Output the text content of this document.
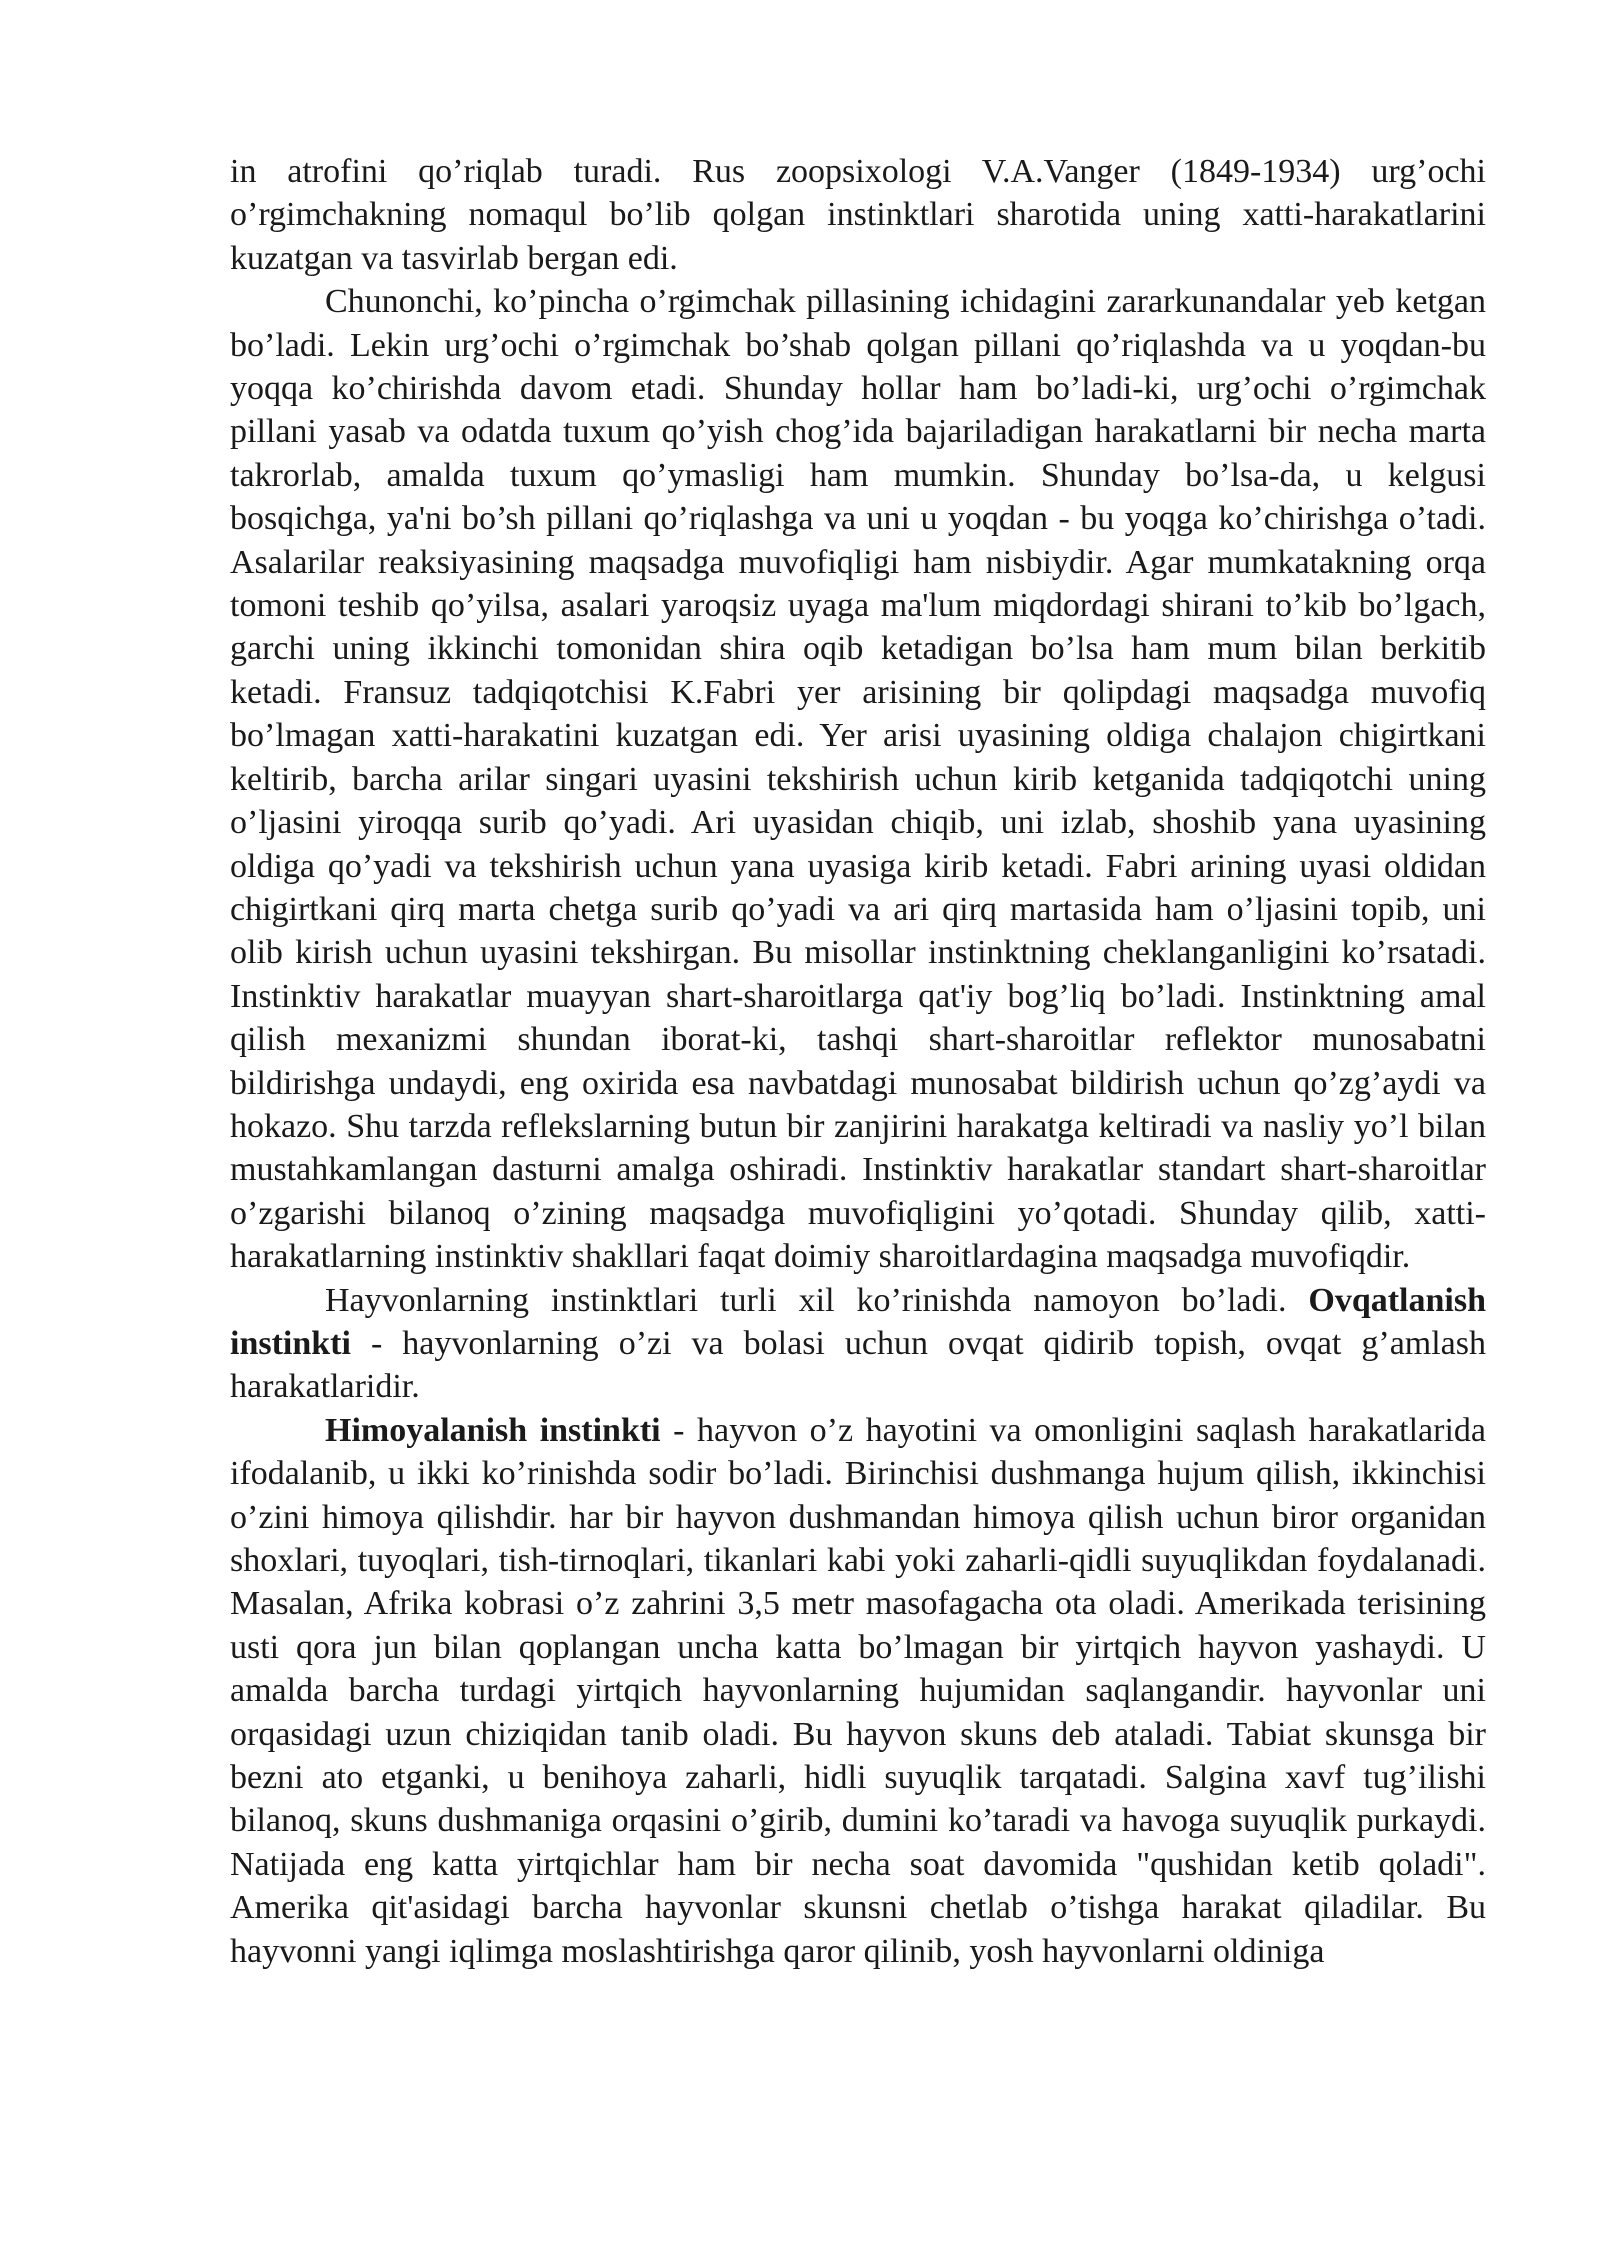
in atrofini qo’riqlab turadi. Rus zoopsixologi V.A.Vanger (1849-1934) urg’ochi o’rgimchakning nomaqul bo’lib qolgan instinktlari sharotida uning xatti-harakatlarini kuzatgan va tasvirlab bergan edi.

Chunonchi, ko’pincha o’rgimchak pillasining ichidagini zararkunandalar yeb ketgan bo’ladi. Lekin urg’ochi o’rgimchak bo’shab qolgan pillani qo’riqlashda va u yoqdan-bu yoqqa ko’chirishda davom etadi. Shunday hollar ham bo’ladi-ki, urg’ochi o’rgimchak pillani yasab va odatda tuxum qo’yish chog’ida bajariladigan harakatlarni bir necha marta takrorlab, amalda tuxum qo’ymasligi ham mumkin. Shunday bo’lsa-da, u kelgusi bosqichga, ya'ni bo’sh pillani qo’riqlashga va uni u yoqdan - bu yoqga ko’chirishga o’tadi. Asalarilar reaksiyasining maqsadga muvofiqligi ham nisbiydir. Agar mumkatakning orqa tomoni teshib qo’yilsa, asalari yaroqsiz uyaga ma'lum miqdordagi shirani to’kib bo’lgach, garchi uning ikkinchi tomonidan shira oqib ketadigan bo’lsa ham mum bilan berkitib ketadi. Fransuz tadqiqotchisi K.Fabri yer arisining bir qolipdagi maqsadga muvofiq bo’lmagan xatti-harakatini kuzatgan edi. Yer arisi uyasining oldiga chalajon chigirtkani keltirib, barcha arilar singari uyasini tekshirish uchun kirib ketganida tadqiqotchi uning o’ljasini yiroqqa surib qo’yadi. Ari uyasidan chiqib, uni izlab, shoshib yana uyasining oldiga qo’yadi va tekshirish uchun yana uyasiga kirib ketadi. Fabri arining uyasi oldidan chigirtkani qirq marta chetga surib qo’yadi va ari qirq martasida ham o’ljasini topib, uni olib kirish uchun uyasini tekshirgan. Bu misollar instinktning cheklanganligini ko’rsatadi. Instinktiv harakatlar muayyan shart-sharoitlarga qat'iy bog’liq bo’ladi. Instinktning amal qilish mexanizmi shundan iborat-ki, tashqi shart-sharoitlar reflektor munosabatni bildirishga undaydi, eng oxirida esa navbatdagi munosabat bildirish uchun qo’zg’aydi va hokazo. Shu tarzda reflekslarning butun bir zanjirini harakatga keltiradi va nasliy yo’l bilan mustahkamlangan dasturni amalga oshiradi. Instinktiv harakatlar standart shart-sharoitlar o’zgarishi bilanoq o’zining maqsadga muvofiqligini yo’qotadi. Shunday qilib, xatti-harakatlarning instinktiv shakllari faqat doimiy sharoitlardagina maqsadga muvofiqdir.

Hayvonlarning instinktlari turli xil ko’rinishda namoyon bo’ladi. Ovqatlanish instinkti - hayvonlarning o’zi va bolasi uchun ovqat qidirib topish, ovqat g’amlash harakatlaridir.

Himoyalanish instinkti - hayvon o’z hayotini va omonligini saqlash harakatlarida ifodalanib, u ikki ko’rinishda sodir bo’ladi. Birinchisi dushmanga hujum qilish, ikkinchisi o’zini himoya qilishdir. har bir hayvon dushmandan himoya qilish uchun biror organidan shoxlari, tuyoqlari, tish-tirnoqlari, tikanlari kabi yoki zaharli-qidli suyuqlikdan foydalanadi. Masalan, Afrika kobrasi o’z zahrini 3,5 metr masofagacha ota oladi. Amerikada terisining usti qora jun bilan qoplangan uncha katta bo’lmagan bir yirtqich hayvon yashaydi. U amalda barcha turdagi yirtqich hayvonlarning hujumidan saqlangandir. hayvonlar uni orqasidagi uzun chiziqidan tanib oladi. Bu hayvon skuns deb ataladi. Tabiat skunsga bir bezni ato etganki, u benihoya zaharli, hidli suyuqlik tarqatadi. Salgina xavf tug’ilishi bilanoq, skuns dushmaniga orqasini o’girib, dumini ko’taradi va havoga suyuqlik purkaydi. Natijada eng katta yirtqichlar ham bir necha soat davomida "qushidan ketib qoladi". Amerika qit'asidagi barcha hayvonlar skunsni chetlab o’tishga harakat qiladilar. Bu hayvonni yangi iqlimga moslashtirishga qaror qilinib, yosh hayvonlarni oldiniga
